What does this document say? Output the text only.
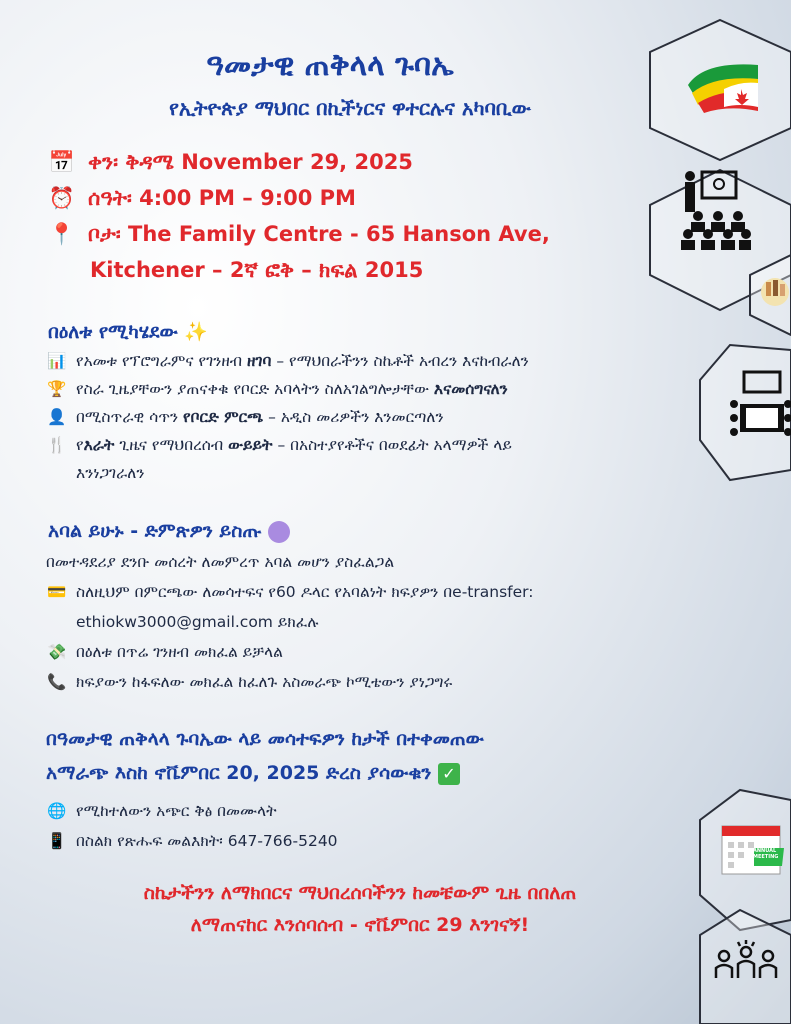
ANNUAL MEETING
ዓመታዊ ጠቅላላ ጉባኤ
የኢትዮጵያ ማህበር በኪችነርና ዋተርሉና አካባቢው
📅 ቀን፡ ቅዳሜ November 29, 2025
⏰ ሰዓት፡ 4:00 PM – 9:00 PM
📍 ቦታ፡ The Family Centre - 65 Hanson Ave,
Kitchener – 2ኛ ፎቅ – ክፍል 2015
በዕለቱ የሚካሄደው ✨
📊 የአመቱ የፕሮግራምና የገንዘብ ዘገባ – የማህበራችንን ስኬቶች አብረን እናከብራለን
🏆 የስራ ጊዜያቸውን ያጠናቀቁ የቦርድ አባላትን ስለአገልግሎታቸው እናመሰግናለን
👤 በሚስጥራዊ ሳጥን የቦርድ ምርጫ – አዲስ መሪዎችን እንመርጣለን
🍴 የእራት ጊዜና የማህበረሰብ ውይይት – በአስተያየቶችና በወደፊት አላማዎች ላይ
እንነጋገራለን
አባል ይሁኑ - ድምጽዎን ይስጡ
በመተዳደሪያ ደንቡ መሰረት ለመምረጥ አባል መሆን ያስፈልጋል
💳 ስለዚህም በምርጫው ለመሳተፍና የ60 ዶላር የአባልነት ክፍያዎን በe-transfer:
ethiokw3000@gmail.com ይክፈሉ
💸 በዕለቱ በጥሬ ገንዘብ መክፈል ይቻላል
📞 ክፍያውን ከፋፍለው መክፈል ከፈለጉ አስመራጭ ኮሚቴውን ያነጋግሩ
በዓመታዊ ጠቅላላ ጉባኤው ላይ መሳተፍዎን ከታች በተቀመጠው
አማራጭ እስከ ኖቬምበር 20, 2025 ድረስ ያሳውቁን ✓
🌐 የሚከተለውን አጭር ቅፅ በመሙላት
📱 በስልክ የጽሑፍ መልእክት፡ 647-766-5240
ስኬታችንን ለማክበርና ማህበረሰባችንን ከመቼውም ጊዜ በበለጠ
ለማጠናከር እንሰባሰብ - ኖቬምበር 29 እንገናኝ!
